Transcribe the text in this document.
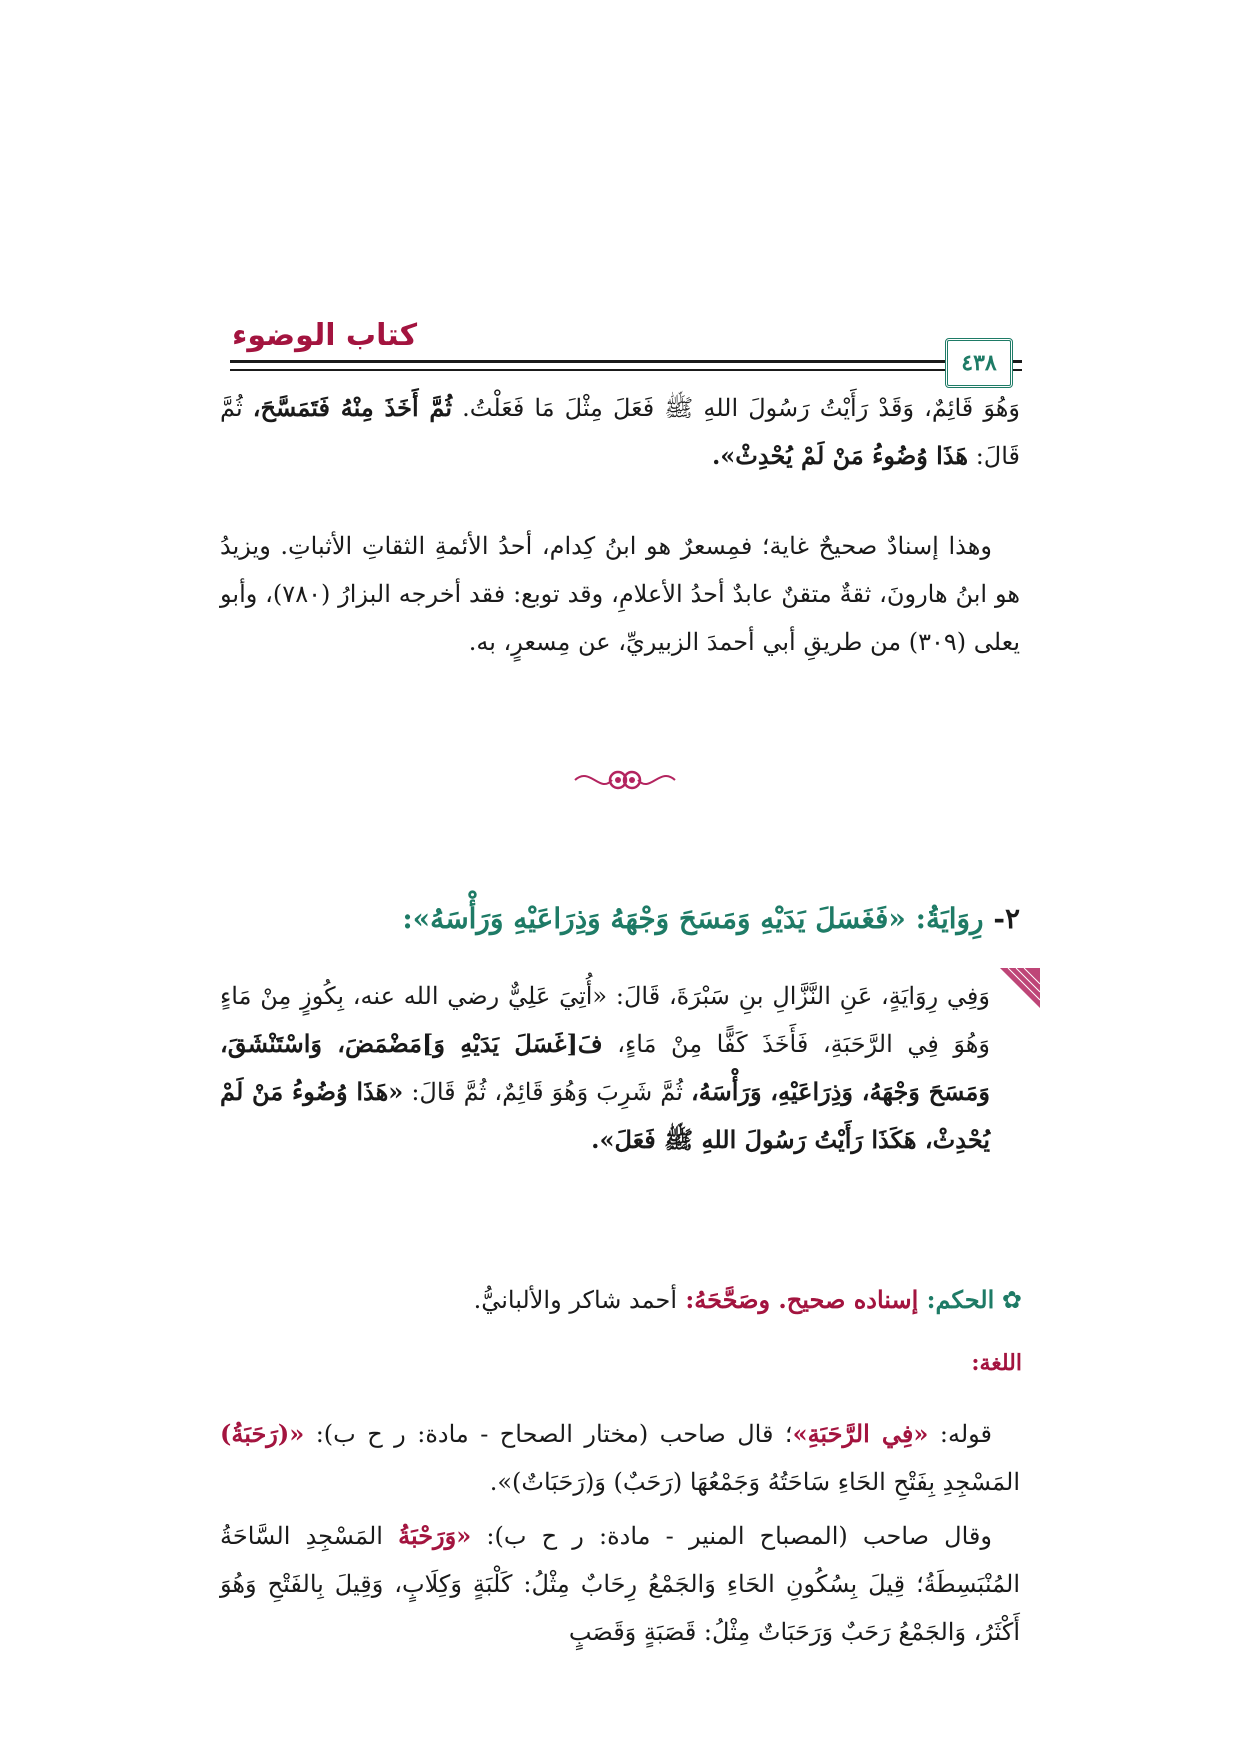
كتاب الوضوء
٤٣٨
وَهُوَ قَائِمٌ، وَقَدْ رَأَيْتُ رَسُولَ اللهِ ﷺ فَعَلَ مِثْلَ مَا فَعَلْتُ. ثُمَّ أَخَذَ مِنْهُ فَتَمَسَّحَ، ثُمَّ قَالَ: هَذَا وُضُوءُ مَنْ لَمْ يُحْدِثْ».
وهذا إسنادٌ صحيحٌ غاية؛ فمِسعرٌ هو ابنُ كِدام، أحدُ الأئمةِ الثقاتِ الأثباتِ. ويزيدُ هو ابنُ هارونَ، ثقةٌ متقنٌ عابدٌ أحدُ الأعلامِ، وقد توبع: فقد أخرجه البزارُ (٧٨٠)، وأبو يعلى (٣٠٩) من طريقِ أبي أحمدَ الزبيريِّ، عن مِسعرٍ، به.
٢- رِوَايَةُ: «فَغَسَلَ يَدَيْهِ وَمَسَحَ وَجْهَهُ وَذِرَاعَيْهِ وَرَأْسَهُ»:
وَفِي رِوَايَةٍ، عَنِ النَّزَّالِ بنِ سَبْرَةَ، قَالَ: «أُتِيَ عَلِيٌّ رضي الله عنه، بِكُوزٍ مِنْ مَاءٍ وَهُوَ فِي الرَّحَبَةِ، فَأَخَذَ كَفًّا مِنْ مَاءٍ، فَ[غَسَلَ يَدَيْهِ وَ]مَضْمَضَ، وَاسْتَنْشَقَ، وَمَسَحَ وَجْهَهُ، وَذِرَاعَيْهِ، وَرَأْسَهُ، ثُمَّ شَرِبَ وَهُوَ قَائِمٌ، ثُمَّ قَالَ: «هَذَا وُضُوءُ مَنْ لَمْ يُحْدِثْ، هَكَذَا رَأَيْتُ رَسُولَ اللهِ ﷺ فَعَلَ».
✿ الحكم: إسناده صحيح. وصَحَّحَهُ: أحمد شاكر والألبانيُّ.
اللغة:
قوله: «فِي الرَّحَبَةِ»؛ قال صاحب (مختار الصحاح - مادة: ر ح ب): «(رَحَبَةُ) المَسْجِدِ بِفَتْحِ الحَاءِ سَاحَتُهُ وَجَمْعُهَا (رَحَبٌ) وَ(رَحَبَاتٌ)».
وقال صاحب (المصباح المنير - مادة: ر ح ب): «وَرَحْبَةُ المَسْجِدِ السَّاحَةُ المُنْبَسِطَةُ؛ قِيلَ بِسُكُونِ الحَاءِ وَالجَمْعُ رِحَابٌ مِثْلُ: كَلْبَةٍ وَكِلَابٍ، وَقِيلَ بِالفَتْحِ وَهُوَ أَكْثَرُ، وَالجَمْعُ رَحَبٌ وَرَحَبَاتٌ مِثْلُ: قَصَبَةٍ وَقَصَبٍ
